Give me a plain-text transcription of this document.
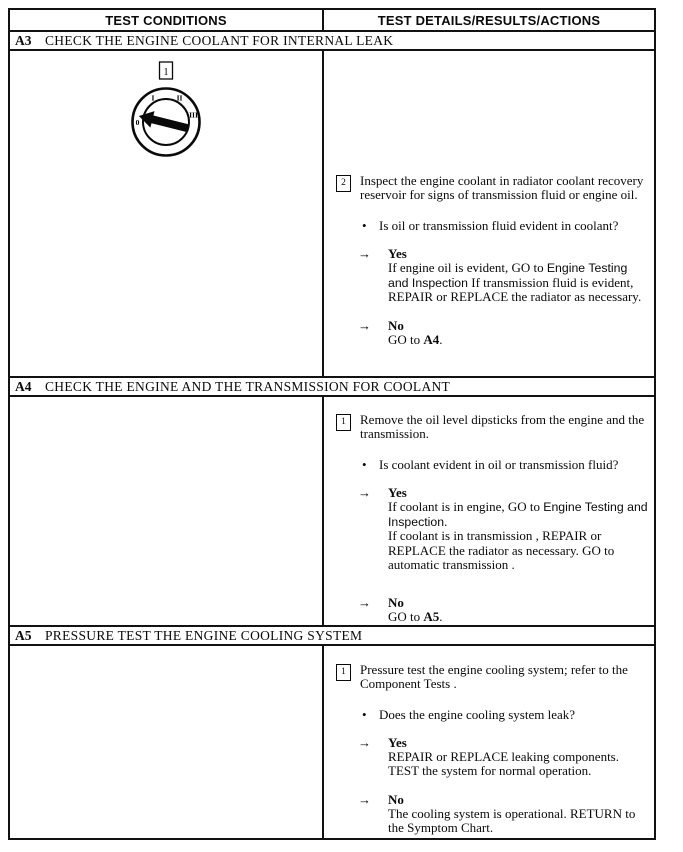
TEST CONDITIONS	TEST DETAILS/RESULTS/ACTIONS
A3	CHECK THE ENGINE COOLANT FOR INTERNAL LEAK
1
0
I	II
III
2	Inspect the engine coolant in radiator coolant recovery reservoir for signs of transmission fluid or engine oil.
• Is oil or transmission fluid evident in coolant?
→	Yes
If engine oil is evident, GO to Engine Testing and Inspection If transmission fluid is evident, REPAIR or REPLACE the radiator as necessary.
→	No
GO to A4.
A4	CHECK THE ENGINE AND THE TRANSMISSION FOR COOLANT
1	Remove the oil level dipsticks from the engine and the transmission.
• Is coolant evident in oil or transmission fluid?
→	Yes
If coolant is in engine, GO to Engine Testing and Inspection.
If coolant is in transmission , REPAIR or REPLACE the radiator as necessary. GO to automatic transmission .
→	No
GO to A5.
A5	PRESSURE TEST THE ENGINE COOLING SYSTEM
1	Pressure test the engine cooling system; refer to the Component Tests .
• Does the engine cooling system leak?
→	Yes
REPAIR or REPLACE leaking components. TEST the system for normal operation.
→	No
The cooling system is operational. RETURN to the Symptom Chart.
